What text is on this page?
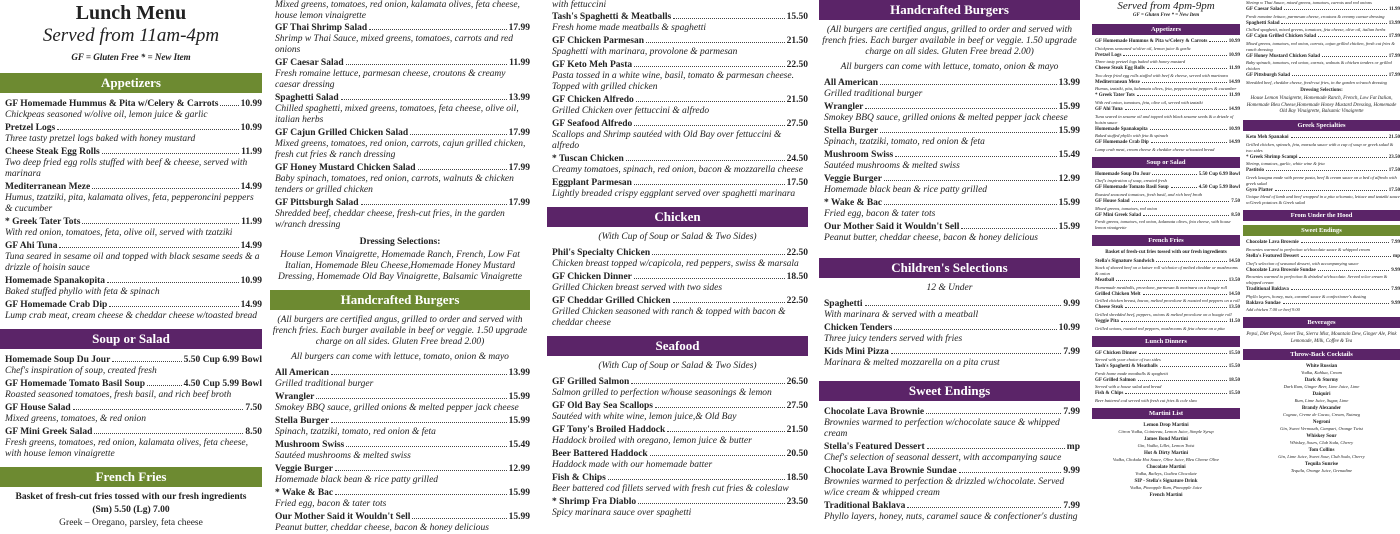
Lunch Menu
Served from 11am-4pm
GF = Gluten Free * = New Item
Appetizers
GF Homemade Hummus & Pita w/Celery & Carrots 10.99
Chickpeas seasoned w/olive oil, lemon juice & garlic
Pretzel Logs	10.99
Three tasty pretzel logs baked with honey mustard
Cheese Steak Egg Rolls	11.99
Two deep fried egg rolls stuffed with beef & cheese, served with marinara
Mediterranean Meze	14.99
Humus, tzatziki, pita, kalamata olives, feta, pepperoncini peppers & cucumber
* Greek Tater Tots	11.99
With red onion, tomatoes, feta, olive oil, served with tzatziki
GF Ahi Tuna	14.99
Tuna seared in sesame oil and topped with black sesame seeds & a drizzle of hoisin sauce
Homemade Spanakopita	10.99
Baked stuffed phyllo with feta & spinach
GF Homemade Crab Dip	14.99
Lump crab meat, cream cheese & cheddar cheese w/toasted bread
Soup or Salad
Homemade Soup Du Jour	5.50 Cup 6.99 Bowl
Chef's inspiration of soup, created fresh
GF Homemade Tomato Basil Soup	4.50 Cup 5.99 Bowl
Roasted seasoned tomatoes, fresh basil, and rich beef broth
GF House Salad	7.50
Mixed greens, tomatoes, & red onion
GF Mini Greek Salad	8.50
Fresh greens, tomatoes, red onion, kalamata olives, feta cheese, with house lemon vinaigrette
French Fries
Basket of fresh-cut fries tossed with our fresh ingredients
(Sm) 5.50 (Lg) 7.00
Greek – Oregano, parsley, feta cheese
Mixed greens, tomatoes, red onion, kalamata olives, feta cheese, house lemon vinaigrette
GF Thai Shrimp Salad	17.99
Shrimp w Thai Sauce, mixed greens, tomatoes, carrots and red onions
GF Caesar Salad	11.99
Fresh romaine lettuce, parmesan cheese, croutons & creamy caesar dressing
Spaghetti Salad	13.99
Chilled spaghetti, mixed greens, tomatoes, feta cheese, olive oil, italian herbs
GF Cajun Grilled Chicken Salad	17.99
Mixed greens, tomatoes, red onion, carrots, cajun grilled chicken, fresh cut fries & ranch dressing
GF Honey Mustard Chicken Salad	17.99
Baby spinach, tomatoes, red onion, carrots, walnuts & chicken tenders or grilled chicken
GF Pittsburgh Salad	17.99
Shredded beef, cheddar cheese, fresh-cut fries, in the garden w/ranch dressing
Dressing Selections:
House Lemon Vinaigrette, Homemade Ranch, French, Low Fat Italian, Homemade Bleu Cheese,Homemade Honey Mustard Dressing, Homemade Old Bay Vinaigrette, Balsamic Vinaigrette
Handcrafted Burgers
(All burgers are certified angus, grilled to order and served with french fries. Each burger available in beef or veggie. 1.50 upgrade charge on all sides. Gluten Free bread 2.00)
All burgers can come with lettuce, tomato, onion & mayo
All American	13.99
Grilled traditional burger
Wrangler	15.99
Smokey BBQ sauce, grilled onions & melted pepper jack cheese
Stella Burger	15.99
Spinach, tzatziki, tomato, red onion & feta
Mushroom Swiss	15.49
Sautéed mushrooms & melted swiss
Veggie Burger	12.99
Homemade black bean & rice patty grilled
* Wake & Bac	15.99
Fried egg, bacon & tater tots
Our Mother Said it Wouldn't Sell	15.99
Peanut butter, cheddar cheese, bacon & honey delicious
with fettuccini
Tash's Spaghetti & Meatballs	15.50
Fresh home made meatballs & spaghetti
GF Chicken Parmesan	21.50
Spaghetti with marinara, provolone & parmesan
GF Keto Meh Pasta	22.50
Pasta tossed in a white wine, basil, tomato & parmesan cheese. Topped with grilled chicken
GF Chicken Alfredo	21.50
Grilled Chicken over fettuccini & alfredo
GF Seafood Alfredo	27.50
Scallops and Shrimp sautéed with Old Bay over fettuccini & alfredo
* Tuscan Chicken	24.50
Creamy tomatoes, spinach, red onion, bacon & mozzarella cheese
Eggplant Parmesan	17.50
Lightly breaded crispy eggplant served over spaghetti marinara
Chicken
(With Cup of Soup or Salad & Two Sides)
Phil's Specialty Chicken	22.50
Chicken breast topped w/capicola, red peppers, swiss & marsala
GF Chicken Dinner	18.50
Grilled Chicken breast served with two sides
GF Cheddar Grilled Chicken	22.50
Grilled Chicken seasoned with ranch & topped with bacon & cheddar cheese
Seafood
(With Cup of Soup or Salad & Two Sides)
GF Grilled Salmon	26.50
Salmon grilled to perfection w/house seasonings & lemon
GF Old Bay Sea Scallops	27.50
Sautéed with white wine, lemon juice,& Old Bay
GF Tony's Broiled Haddock	21.50
Haddock broiled with oregano, lemon juice & butter
Beer Battered Haddock	20.50
Haddock made with our homemade batter
Fish & Chips	18.50
Beer battered cod fillets served with fresh cut fries & coleslaw
* Shrimp Fra Diablo	23.50
Spicy marinara sauce over spaghetti
Handcrafted Burgers
(All burgers are certified angus, grilled to order and served with french fries. Each burger available in beef or veggie. 1.50 upgrade charge on all sides. Gluten Free bread 2.00)
All burgers can come with lettuce, tomato, onion & mayo
All American	13.99
Grilled traditional burger
Wrangler	15.99
Smokey BBQ sauce, grilled onions & melted pepper jack cheese
Stella Burger	15.99
Spinach, tzatziki, tomato, red onion & feta
Mushroom Swiss	15.49
Sautéed mushrooms & melted swiss
Veggie Burger	12.99
Homemade black bean & rice patty grilled
* Wake & Bac	15.99
Fried egg, bacon & tater tots
Our Mother Said it Wouldn't Sell	15.99
Peanut butter, cheddar cheese, bacon & honey delicious
Children's Selections
12 & Under
Spaghetti	9.99
With marinara & served with a meatball
Chicken Tenders	10.99
Three juicy tenders served with fries
Kids Mini Pizza	7.99
Marinara & melted mozzarella on a pita crust
Sweet Endings
Chocolate Lava Brownie	7.99
Brownies warmed to perfection w/chocolate sauce & whipped cream
Stella's Featured Dessert	mp
Chef's selection of seasonal dessert, with accompanying sauce
Chocolate Lava Brownie Sundae	9.99
Brownies warmed to perfection & drizzled w/chocolate. Served w/ice cream & whipped cream
Traditional Baklava	7.99
Phyllo layers, honey, nuts, caramel sauce & confectioner's dusting
Served from 4pm-9pm
GF = Gluten Free * = New Item
Appetizers
GF Homemade Hummus & Pita w/Celery & Carrots	10.99
Chickpeas seasoned w/olive oil, lemon juice & garlic
Pretzel Logs	10.99
Three tasty pretzel logs baked with honey mustard
Cheese Steak Egg Rolls	11.99
Two deep fried egg rolls stuffed with beef & cheese, served with marinara
Mediterranean Meze	14.99
Humus, tzatziki, pita, kalamata olives, feta, pepperoncini peppers & cucumber
* Greek Tater Tots	11.99
With red onion, tomatoes, feta, olive oil, served with tzatziki
GF Ahi Tuna	14.99
Tuna seared in sesame oil and topped with black sesame seeds & a drizzle of hoisin sauce
Homemade Spanakopita	10.99
Baked stuffed phyllo with feta & spinach
GF Homemade Crab Dip	14.99
Lump crab meat, cream cheese & cheddar cheese w/toasted bread
Soup or Salad
Homemade Soup Du Jour	5.50 Cup 6.99 Bowl
Chef's inspiration of soup, created fresh
GF Homemade Tomato Basil Soup	4.50 Cup 5.99 Bowl
Roasted seasoned tomatoes, fresh basil, and rich beef broth
GF House Salad	7.50
Mixed greens, tomatoes, red onion
GF Mini Greek Salad	8.50
Fresh greens, tomatoes, red onion, kalamata olives, feta cheese, with house lemon vinaigrette
French Fries
Basket of fresh-cut fries tossed with our fresh ingredients
Stella's Signature Sandwich	14.50
Stack of shaved beef on a kaiser roll w/choice of melted cheddar or mushrooms & onion
Meatball	13.50
Homemade meatballs, provolone, parmesan & marinara on a hoagie roll
Grilled Chicken Melt	14.50
Grilled chicken breast, bacon, melted provolone & roasted red peppers on a roll
Cheese Steak	13.50
Grilled shredded beef, peppers, onions & melted provolone on a hoagie roll
Veggie Pita	11.50
Grilled onions, roasted red peppers, mushrooms & feta cheese on a pita
Lunch Dinners
GF Chicken Dinner	15.50
Served with your choice of two sides
Tash's Spaghetti & Meatballs	15.50
Fresh home made meatballs & spaghetti
GF Grilled Salmon	18.50
Served with a house salad and bread
Fish & Chips	15.50
Beer battered cod served with fresh cut fries & cole slaw
Martini List
Lemon Drop Martini
Citron Vodka, Cointreau, Lemon Juice, Simple Syrup
James Bond Martini
Gin, Vodka, Lillet, Lemon Twist
Hot & Dirty Martini
Vodka, Chokula Hot Sauce, Olive Juice, Bleu Cheese Olive
Chocolate Martini
Vodka, Baileys, Godiva Chocolate
SIP - Stella's Signature Drink
Vodka, Pineapple Rum, Pineapple Juice
French Martini
Shrimp w Thai Sauce, mixed greens, tomatoes, carrots and red onions
GF Caesar Salad	11.99
Fresh romaine lettuce, parmesan cheese, croutons & creamy caesar dressing
Spaghetti Salad	13.99
Chilled spaghetti, mixed greens, tomatoes, feta cheese, olive oil, italian herbs
GF Cajun Grilled Chicken Salad	17.99
Mixed greens, tomatoes, red onion, carrots, cajun grilled chicken, fresh cut fries & ranch dressing
GF Honey Mustard Chicken Salad	17.99
Baby spinach, tomatoes, red onion, carrots, walnuts & chicken tenders or grilled chicken
GF Pittsburgh Salad	17.99
Shredded beef, cheddar cheese, fresh-cut fries, in the garden w/ranch dressing
Dressing Selections:
House Lemon Vinaigrette, Homemade Ranch, French, Low Fat Italian, Homemade Bleu Cheese,Homemade Honey Mustard Dressing, Homemade Old Bay Vinaigrette, Balsamic Vinaigrette
Greek Specialties
Keto Meh Spanakoi	21.50
Grilled chicken, spinach, feta, marsala sauce with a cup of soup or greek salad & two sides
* Greek Shrimp Scampi	23.50
Shrimp, tomatoes, garlic, white wine & feta
Pastitsio	17.50
Greek lasagna made with penne pasta, beef & cream sauce on a bed of alfredo with greek salad
Gyro Platter	17.50
Unique blend of lamb and beef wrapped in a pita w/tomato, lettuce and tzatziki sauce w/Greek potatoes & Greek salad
From Under the Hood
Sweet Endings
Chocolate Lava Brownie	7.99
Brownies warmed to perfection w/chocolate sauce & whipped cream
Stella's Featured Dessert	mp
Chef's selection of seasonal dessert, with accompanying sauce
Chocolate Lava Brownie Sundae	9.99
Brownies warmed to perfection & drizzled w/chocolate. Served w/ice cream & whipped cream
Traditional Baklava	7.99
Phyllo layers, honey, nuts, caramel sauce & confectioner's dusting
Baklava Sundae	9.99
Add chicken 7.00 or beef 9.00
Beverages
Pepsi, Diet Pepsi, Sweet Tea, Sierra Mist, Mountain Dew, Ginger Ale, Pink Lemonade, Milk, Coffee & Tea
Throw-Back Cocktails
White Russian
Vodka, Kahlua, Cream
Dark & Stormy
Dark Rum, Ginger Beer, Lime Juice, Lime
Daiquiri
Rum, Lime Juice, Sugar, Lime
Brandy Alexander
Cognac, Creme de Cacao, Cream, Nutmeg
Negroni
Gin, Sweet Vermouth, Campari, Orange Twist
Whiskey Sour
Whiskey, Sours, Club Soda, Cherry
Tom Collins
Gin, Lime Juice, Sweet Sour, Club Soda, Cherry
Tequila Sunrise
Tequila, Orange Juice, Grenadine
